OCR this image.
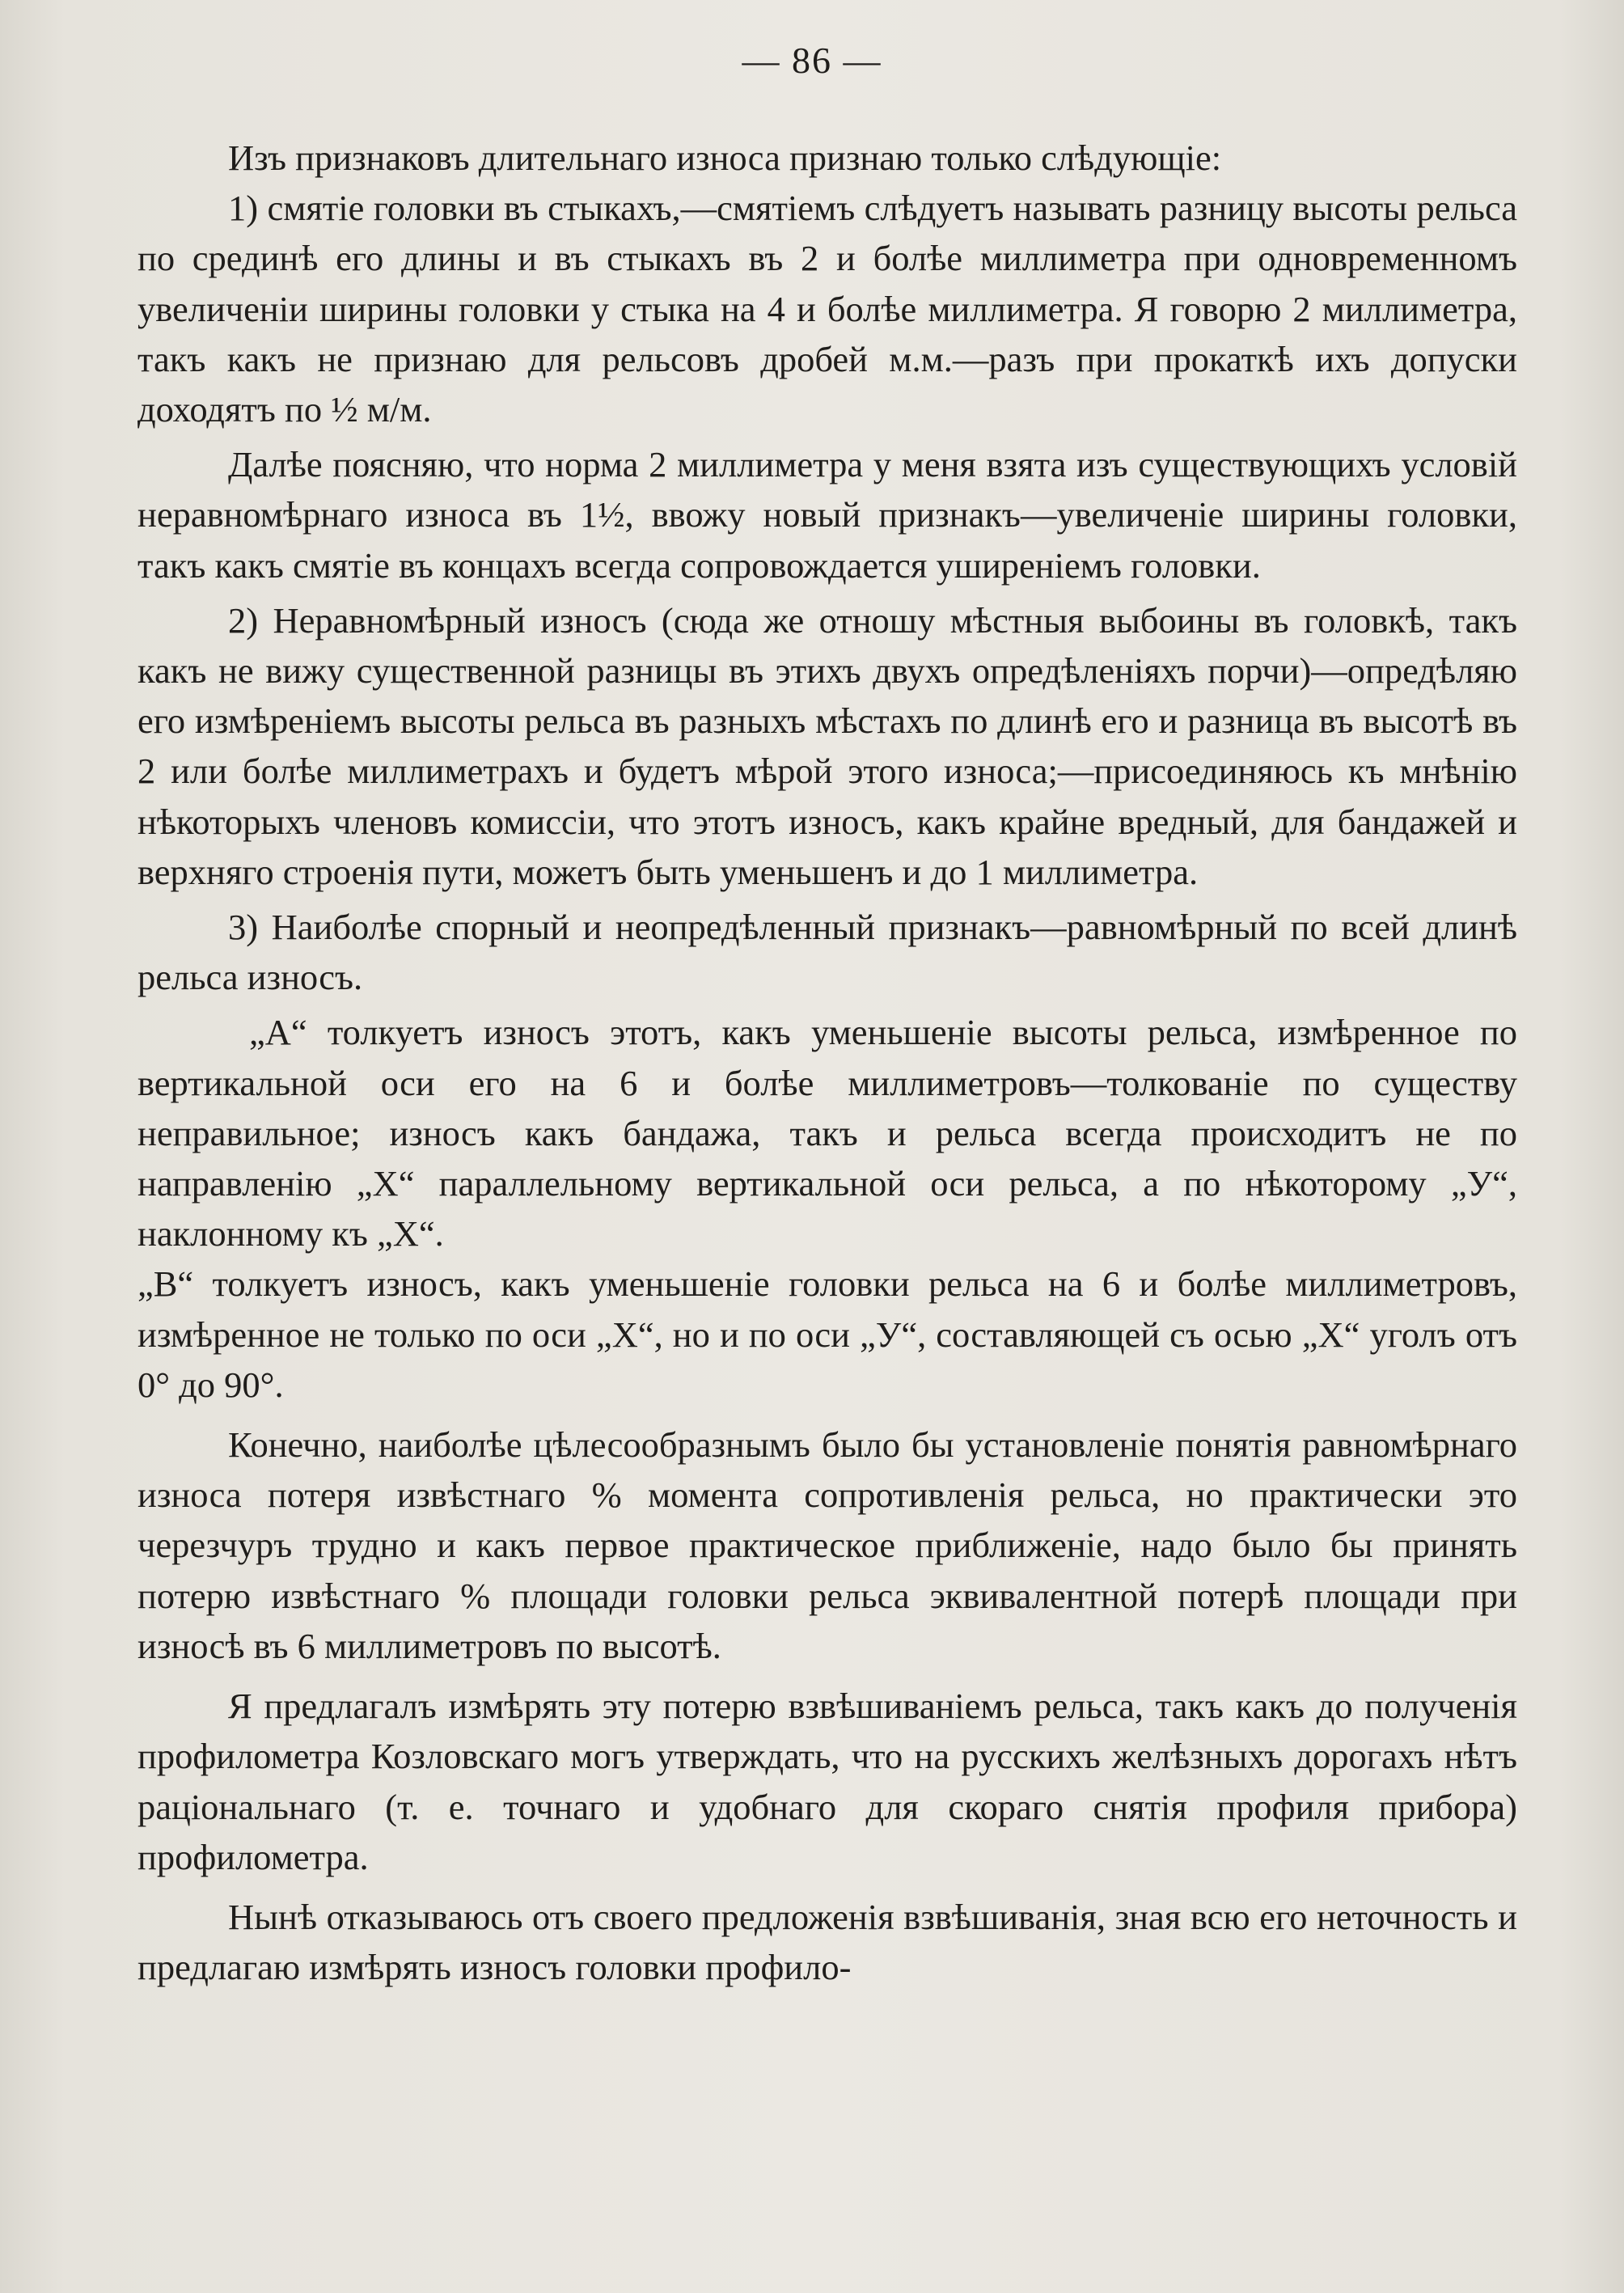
— 86 —

Изъ признаковъ длительнаго износа признаю только слѣдующіе:

1) смятіе головки въ стыкахъ,—смятіемъ слѣдуетъ называть разницу высоты рельса по срединѣ его длины и въ стыкахъ въ 2 и болѣе миллиметра при одновременномъ увеличеніи ширины головки у стыка на 4 и болѣе миллиметра. Я говорю 2 миллиметра, такъ какъ не признаю для рельсовъ дробей м.м.—разъ при прокаткѣ ихъ допуски доходятъ по ½ м/м.

Далѣе поясняю, что норма 2 миллиметра у меня взята изъ существующихъ условій неравномѣрнаго износа въ 1½, ввожу новый признакъ—увеличеніе ширины головки, такъ какъ смятіе въ концахъ всегда сопровождается уширеніемъ головки.

2) Неравномѣрный износъ (сюда же отношу мѣстныя выбоины въ головкѣ, такъ какъ не вижу существенной разницы въ этихъ двухъ опредѣленіяхъ порчи)—опредѣляю его измѣреніемъ высоты рельса въ разныхъ мѣстахъ по длинѣ его и разница въ высотѣ въ 2 или болѣе миллиметрахъ и будетъ мѣрой этого износа;—присоединяюсь къ мнѣнію нѣкоторыхъ членовъ комиссіи, что этотъ износъ, какъ крайне вредный, для бандажей и верхняго строенія пути, можетъ быть уменьшенъ и до 1 миллиметра.

3) Наиболѣе спорный и неопредѣленный признакъ—равномѣрный по всей длинѣ рельса износъ.

„А“ толкуетъ износъ этотъ, какъ уменьшеніе высоты рельса, измѣренное по вертикальной оси его на 6 и болѣе миллиметровъ—толкованіе по существу неправильное; износъ какъ бандажа, такъ и рельса всегда происходитъ не по направленію „Х“ параллельному вертикальной оси рельса, а по нѣкоторому „У“, наклонному къ „Х“.

„В“ толкуетъ износъ, какъ уменьшеніе головки рельса на 6 и болѣе миллиметровъ, измѣренное не только по оси „Х“, но и по оси „У“, составляющей съ осью „Х“ уголъ отъ 0° до 90°.

Конечно, наиболѣе цѣлесообразнымъ было бы установленіе понятія равномѣрнаго износа потеря извѣстнаго % момента сопротивленія рельса, но практически это черезчуръ трудно и какъ первое практическое приближеніе, надо было бы принять потерю извѣстнаго % площади головки рельса эквивалентной потерѣ площади при износѣ въ 6 миллиметровъ по высотѣ.

Я предлагалъ измѣрять эту потерю взвѣшиваніемъ рельса, такъ какъ до полученія профилометра Козловскаго могъ утверждать, что на русскихъ желѣзныхъ дорогахъ нѣтъ раціональнаго (т. е. точнаго и удобнаго для скораго снятія профиля прибора) профилометра.

Нынѣ отказываюсь отъ своего предложенія взвѣшиванія, зная всю его неточность и предлагаю измѣрять износъ головки профило-
